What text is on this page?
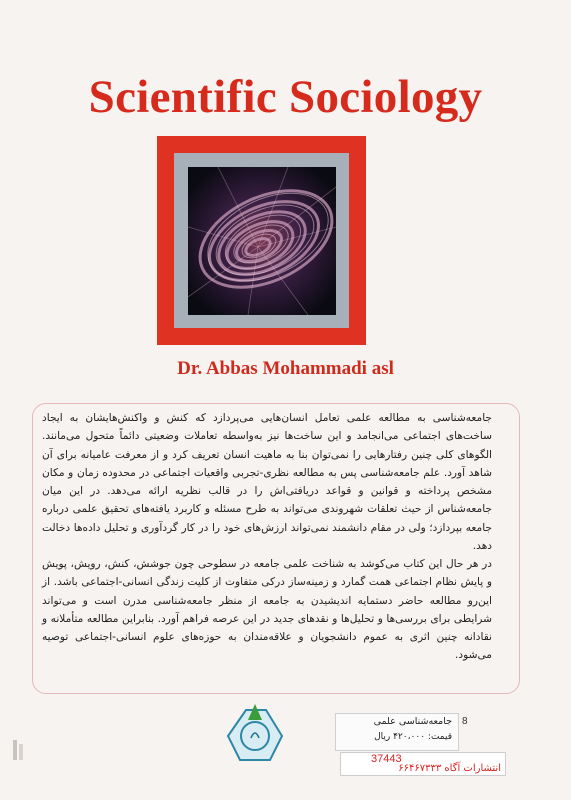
Scientific Sociology
Dr. Abbas Mohammadi asl
جامعه‌شناسی به مطالعه علمی تعامل انسان‌هایی می‌پردازد که کنش و واکنش‌هایشان به ایجاد ساخت‌های اجتماعی می‌انجامد و این ساخت‌ها نیز به‌واسطه تعاملات وضعیتی دائماً متحول می‌مانند. الگوهای کلی چنین رفتارهایی را نمی‌توان بنا به ماهیت انسان تعریف کرد و از معرفت عامیانه برای آن شاهد آورد. علم جامعه‌شناسی پس به مطالعه نظری-تجربی واقعیات اجتماعی در محدوده زمان و مکان مشخص پرداخته و قوانین و قواعد دریافتی‌اش را در قالب نظریه ارائه می‌دهد. در این میان جامعه‌شناس از حیث تعلقات شهروندی می‌تواند به طرح مسئله و کاربرد یافته‌های تحقیق علمی درباره جامعه بپردازد؛ ولی در مقام دانشمند نمی‌تواند ارزش‌های خود را در کار گردآوری و تحلیل داده‌ها دخالت دهد.
در هر حال این کتاب می‌کوشد به شناخت علمی جامعه در سطوحی چون جوشش، کنش، رویش، پویش و پایش نظام اجتماعی همت گمارد و زمینه‌ساز درکی متفاوت از کلیت زندگی انسانی-اجتماعی باشد. از این‌رو مطالعه حاضر دستمایه اندیشیدن به جامعه از منظر جامعه‌شناسی مدرن است و می‌تواند شرایطی برای بررسی‌ها و تحلیل‌ها و نقدهای جدید در این عرصه فراهم آورد. بنابراین مطالعه متأملانه و نقادانه چنین اثری به عموم دانشجویان و علاقه‌مندان به حوزه‌های علوم انسانی-اجتماعی توصیه می‌شود.
جامعه‌شناسی علمی
قیمت: ۴۲۰،۰۰۰ ریال
8
37443
انتشارات آگاه ۶۶۴۶۷۳۳۳
